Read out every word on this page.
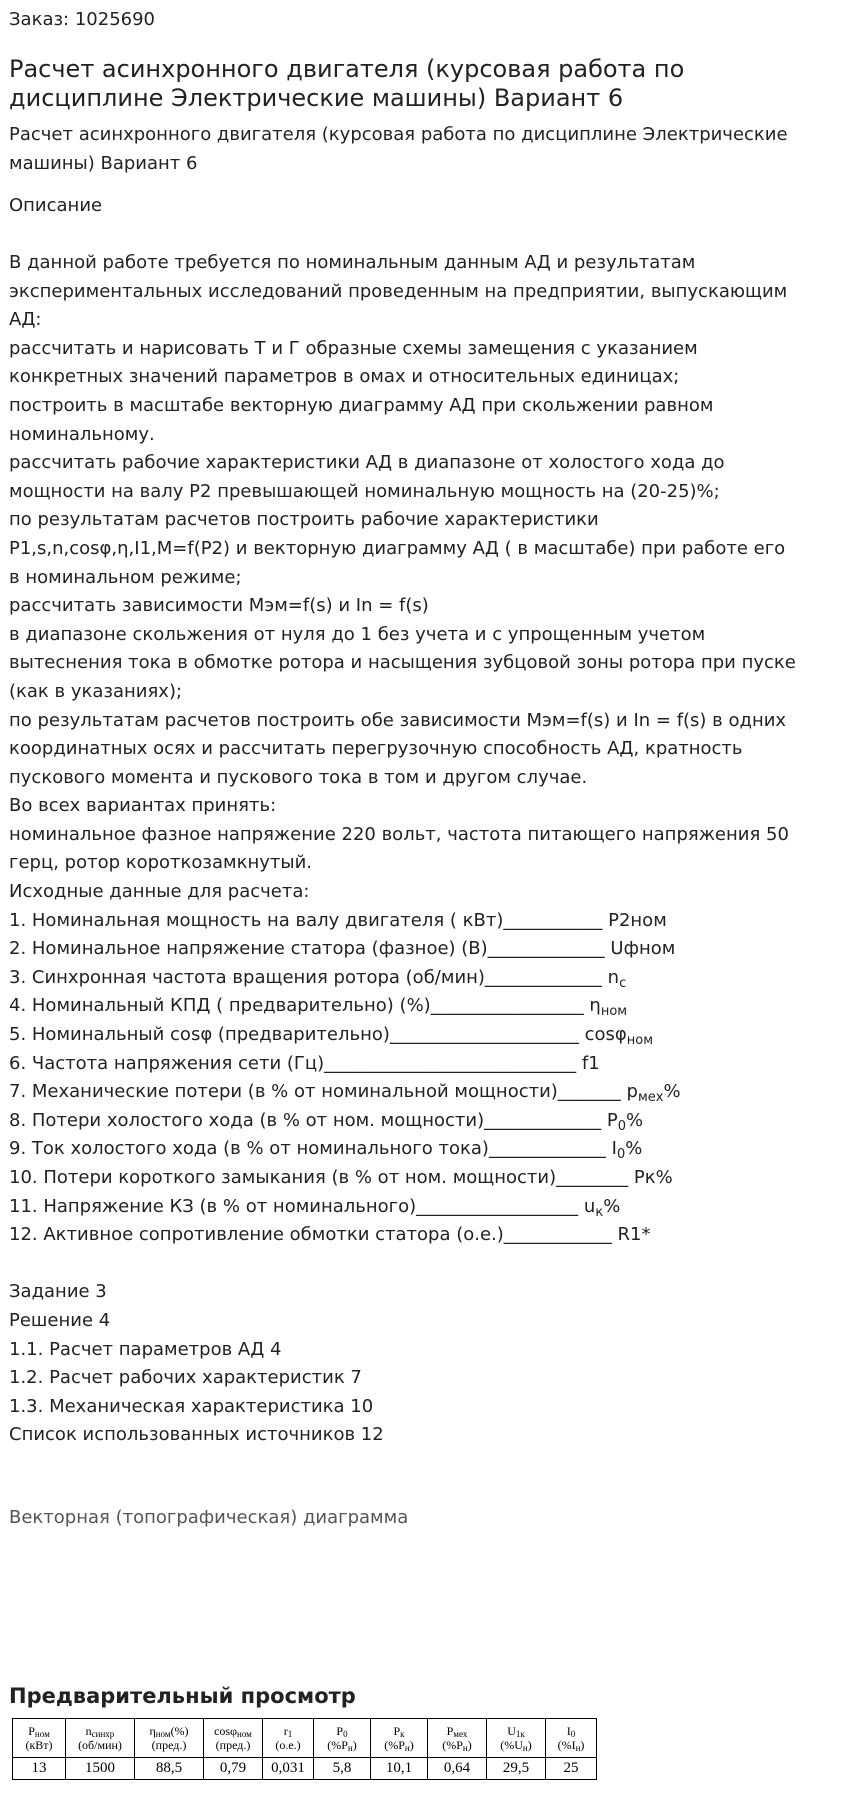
Заказ: 1025690
Расчет асинхронного двигателя (курсовая работа по дисциплине Электрические машины) Вариант 6
Расчет асинхронного двигателя (курсовая работа по дисциплине Электрические машины) Вариант 6
Описание
В данной работе требуется по номинальным данным АД и результатам
экспериментальных исследований проведенным на предприятии, выпускающим
АД:
рассчитать и нарисовать Т и Г образные схемы замещения с указанием
конкретных значений параметров в омах и относительных единицах;
построить в масштабе векторную диаграмму АД при скольжении равном
номинальному.
рассчитать рабочие характеристики АД в диапазоне от холостого хода до
мощности на валу Р2 превышающей номинальную мощность на (20-25)%;
по результатам расчетов построить рабочие характеристики
Р1,s,n,cosφ,η,I1,M=f(P2) и векторную диаграмму АД ( в масштабе) при работе его
в номинальном режиме;
рассчитать зависимости Мэм=f(s) и In = f(s)
в диапазоне скольжения от нуля до 1 без учета и с упрощенным учетом
вытеснения тока в обмотке ротора и насыщения зубцовой зоны ротора при пуске
(как в указаниях);
по результатам расчетов построить обе зависимости Мэм=f(s) и In = f(s) в одних
координатных осях и рассчитать перегрузочную способность АД, кратность
пускового момента и пускового тока в том и другом случае.
Во всех вариантах принять:
номинальное фазное напряжение 220 вольт, частота питающего напряжения 50
герц, ротор короткозамкнутый.
Исходные данные для расчета:
1. Номинальная мощность на валу двигателя ( кВт)___________ Р2ном
2. Номинальное напряжение статора (фазное) (В)_____________ Uфном
3. Синхронная частота вращения ротора (об/мин)_____________ $n_с$
4. Номинальный КПД ( предварительно) (%)_________________ $\eta_{ном}$
5. Номинальный cosφ (предварительно)_____________________ cosφ$_{ном}$
6. Частота напряжения сети (Гц)____________________________ f1
7. Механические потери (в % от номинальной мощности)_______ $р_{мех}\%$
8. Потери холостого хода (в % от ном. мощности)_____________ $Р_0\%$
9. Ток холостого хода (в % от номинального тока)_____________ $I_0\%$
10. Потери короткого замыкания (в % от ном. мощности)________ Рк%
11. Напряжение КЗ (в % от номинального)__________________ $u_к\%$
12. Активное сопротивление обмотки статора (о.е.)____________ R1*
Задание 3
Решение 4
1.1. Расчет параметров АД 4
1.2. Расчет рабочих характеристик 7
1.3. Механическая характеристика 10
Список использованных источников 12
Векторная (топографическая) диаграмма
Предварительный просмотр
$P_{ном}$
(кВт)	$n_{синхр}$
(об/мин)	$\eta_{ном}(\%)$
(пред.)	cosφ$_{ном}$
(пред.)	$r_1$
(о.е.)	$P_0$
$(\%P_н)$	$P_к$
$(\%P_н)$	$P_{мех}$
$(\%P_н)$	$U_{1к}$
$(\%U_н)$	$I_0$
$(\%I_н)$

13	1500	88,5	0,79	0,031	5,8	10,1	0,64	29,5	25
